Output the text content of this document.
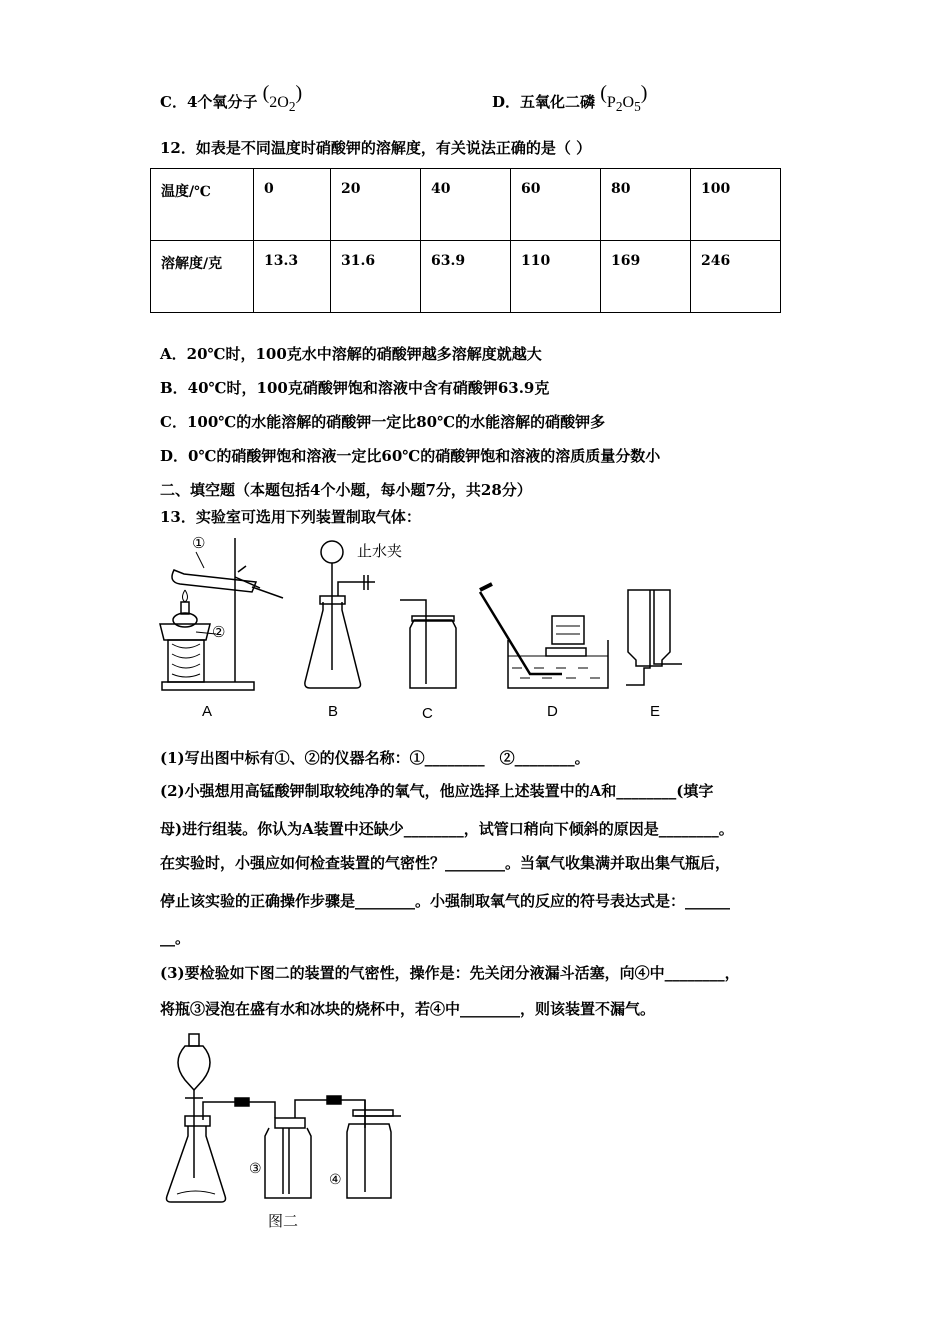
C．4个氧分子 $(2O_2)$	D．五氧化二磷 $(P_2O_5)$
12．如表是不同温度时硝酸钾的溶解度，有关说法正确的是（ ）
温度/℃	0	20	40	60	80	100
溶解度/克	13.3	31.6	63.9	110	169	246
A．20℃时，100克水中溶解的硝酸钾越多溶解度就越大
B．40℃时，100克硝酸钾饱和溶液中含有硝酸钾63.9克
C．100℃的水能溶解的硝酸钾一定比80℃的水能溶解的硝酸钾多
D．0℃的硝酸钾饱和溶液一定比60℃的硝酸钾饱和溶液的溶质质量分数小
二、填空题（本题包括4个小题，每小题7分，共28分）
13．实验室可选用下列装置制取气体：
①
②
止水夹
A	B	C	D	E
(1)写出图中标有①、②的仪器名称：①________　②________。
(2)小强想用高锰酸钾制取较纯净的氧气，他应选择上述装置中的A和________(填字
母)进行组装。你认为A装置中还缺少________，试管口稍向下倾斜的原因是________。
在实验时，小强应如何检查装置的气密性？________。当氧气收集满并取出集气瓶后，
停止该实验的正确操作步骤是________。小强制取氧气的反应的符号表达式是：______
__。
(3)要检验如下图二的装置的气密性，操作是：先关闭分液漏斗活塞，向④中________，
将瓶③浸泡在盛有水和冰块的烧杯中，若④中________，则该装置不漏气。
③
④
图二
